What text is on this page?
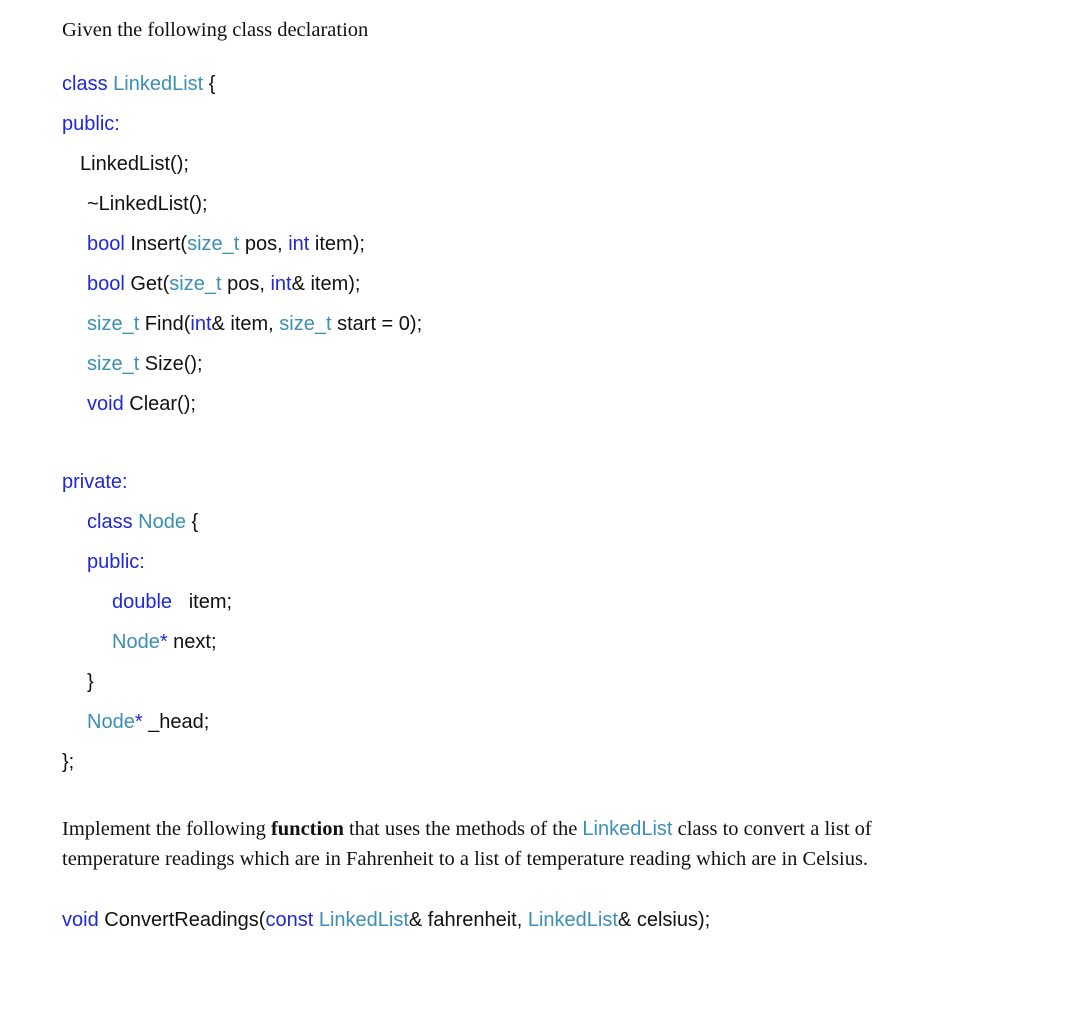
Given the following class declaration

class LinkedList {
public:
LinkedList();
~LinkedList();
bool Insert(size_t pos, int item);
bool Get(size_t pos, int& item);
size_t Find(int& item, size_t start = 0);
size_t Size();
void Clear();
private:
class Node {
public:
double   item;
Node* next;
}
Node* _head;
};
Implement the following function that uses the methods of the LinkedList class to convert a list of
temperature readings which are in Fahrenheit to a list of temperature reading which are in Celsius.
void ConvertReadings(const LinkedList& fahrenheit, LinkedList& celsius);
